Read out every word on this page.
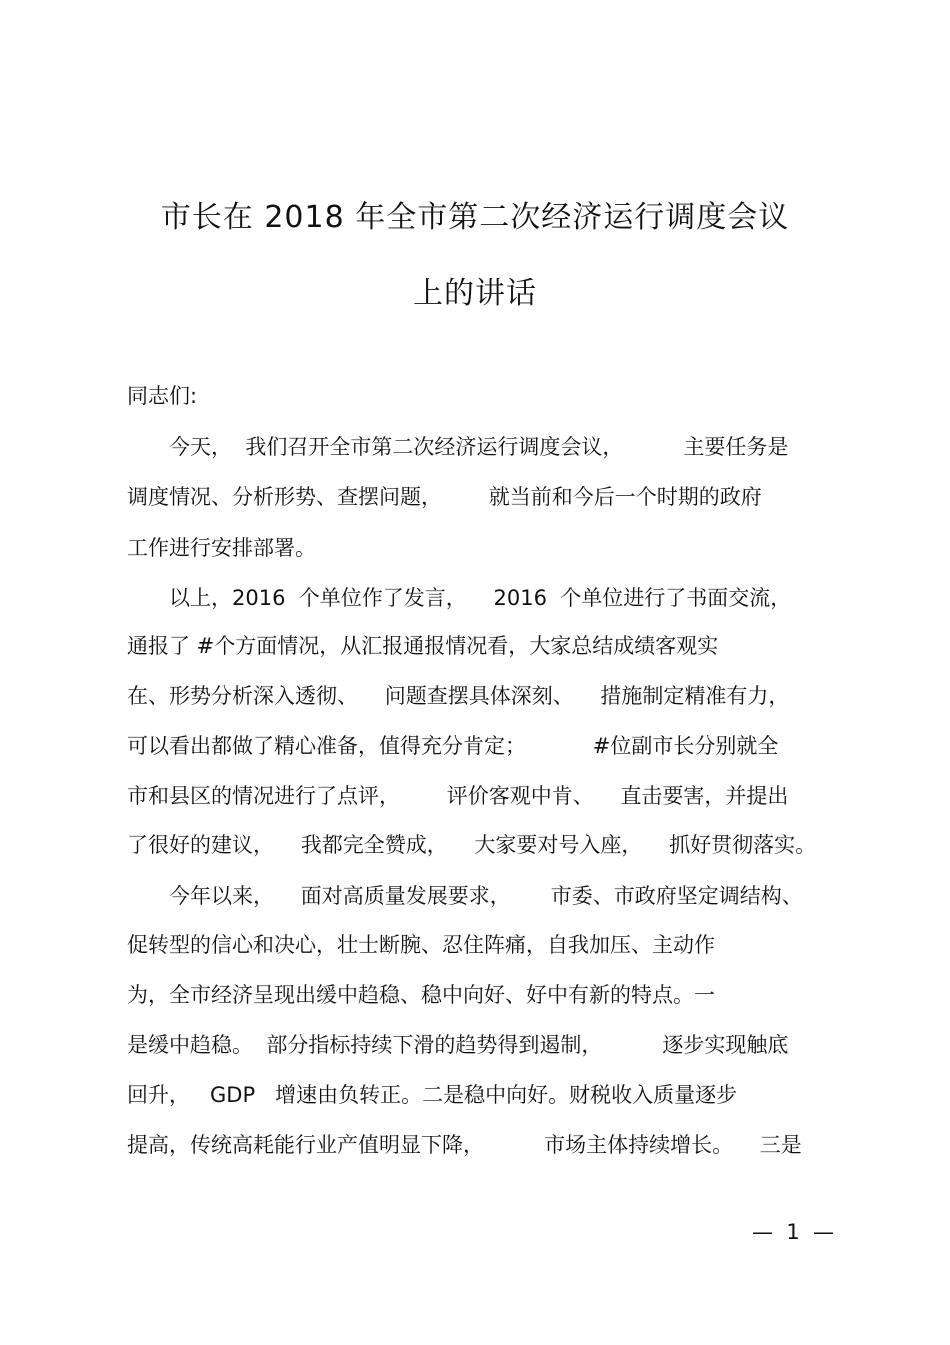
市长在 2018 年全市第二次经济运行调度会议
上的讲话
同志们:
　　今天，  我们召开全市第二次经济运行调度会议，         主要任务是
调度情况、分析形势、查摆问题，       就当前和今后一个时期的政府
工作进行安排部署。
　　以上，2016  个单位作了发言，    2016  个单位进行了书面交流，
通报了 #个方面情况，从汇报通报情况看，大家总结成绩客观实
在、形势分析深入透彻、    问题查摆具体深刻、    措施制定精准有力，
可以看出都做了精心准备，值得充分肯定；          #位副市长分别就全
市和县区的情况进行了点评，       评价客观中肯、    直击要害，并提出
了很好的建议，    我都完全赞成，    大家要对号入座，    抓好贯彻落实。
　　今年以来，    面对高质量发展要求，      市委、市政府坚定调结构、
促转型的信心和决心，壮士断腕、忍住阵痛，自我加压、主动作
为，全市经济呈现出缓中趋稳、稳中向好、好中有新的特点。一
是缓中趋稳。  部分指标持续下滑的趋势得到遏制，         逐步实现触底
回升，   GDP   增速由负转正。二是稳中向好。财税收入质量逐步
提高，传统高耗能行业产值明显下降，         市场主体持续增长。    三是
—  1  —
